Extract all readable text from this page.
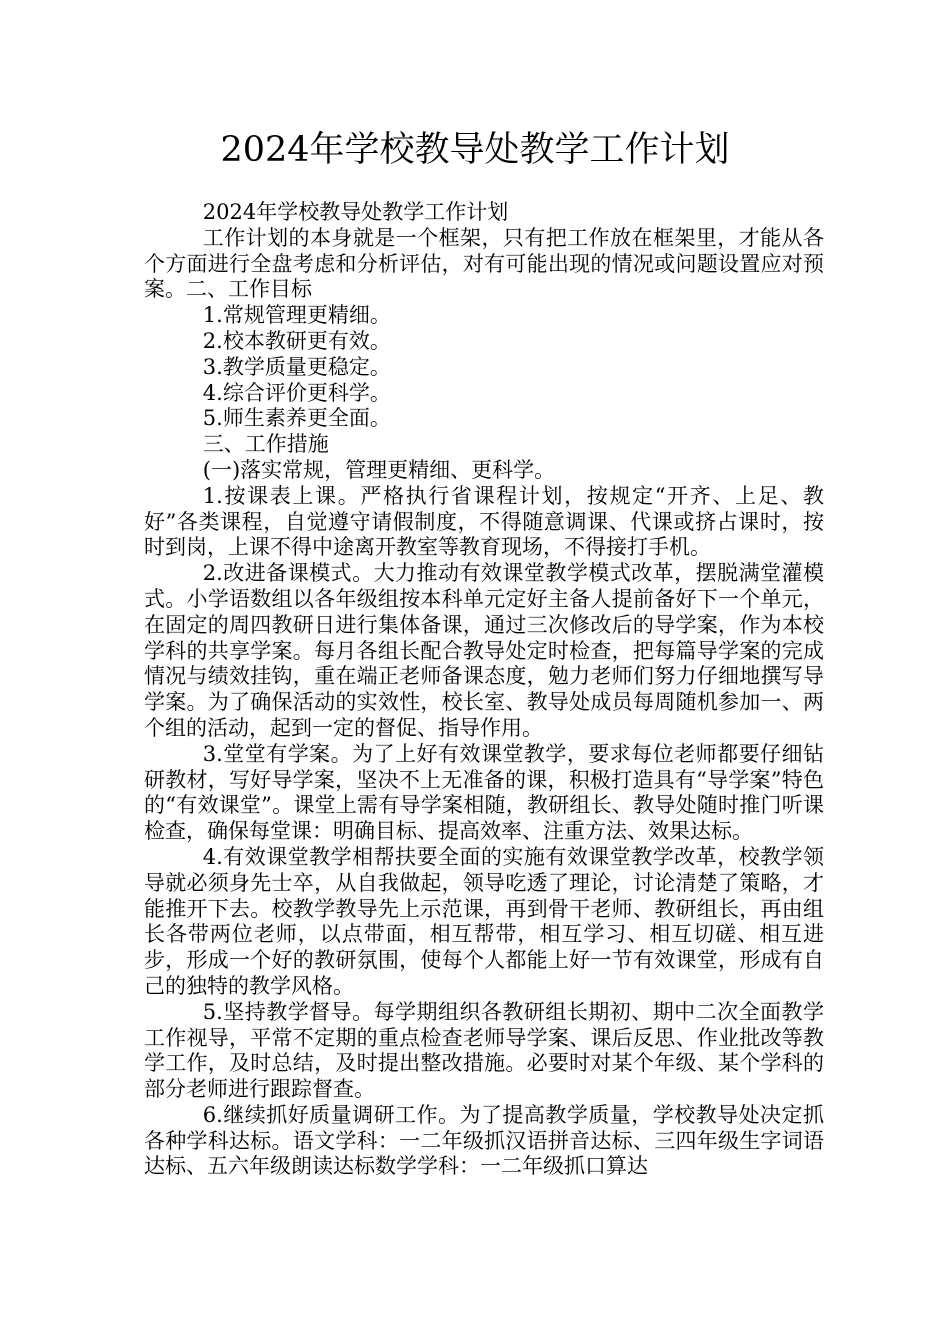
2024年学校教导处教学工作计划

2024年学校教导处教学工作计划

工作计划的本身就是一个框架，只有把工作放在框架里，才能从各个方面进行全盘考虑和分析评估，对有可能出现的情况或问题设置应对预案。二、工作目标

1.常规管理更精细。

2.校本教研更有效。

3.教学质量更稳定。

4.综合评价更科学。

5.师生素养更全面。

三、工作措施

(一)落实常规，管理更精细、更科学。

1.按课表上课。严格执行省课程计划，按规定“开齐、上足、教好”各类课程，自觉遵守请假制度，不得随意调课、代课或挤占课时，按时到岗，上课不得中途离开教室等教育现场，不得接打手机。

2.改进备课模式。大力推动有效课堂教学模式改革，摆脱满堂灌模式。小学语数组以各年级组按本科单元定好主备人提前备好下一个单元，在固定的周四教研日进行集体备课，通过三次修改后的导学案，作为本校学科的共享学案。每月各组长配合教导处定时检查，把每篇导学案的完成情况与绩效挂钩，重在端正老师备课态度，勉力老师们努力仔细地撰写导学案。为了确保活动的实效性，校长室、教导处成员每周随机参加一、两个组的活动，起到一定的督促、指导作用。

3.堂堂有学案。为了上好有效课堂教学，要求每位老师都要仔细钻研教材，写好导学案，坚决不上无准备的课，积极打造具有“导学案”特色的“有效课堂”。课堂上需有导学案相随，教研组长、教导处随时推门听课检查，确保每堂课：明确目标、提高效率、注重方法、效果达标。

4.有效课堂教学相帮扶要全面的实施有效课堂教学改革，校教学领导就必须身先士卒，从自我做起，领导吃透了理论，讨论清楚了策略，才能推开下去。校教学教导先上示范课，再到骨干老师、教研组长，再由组长各带两位老师，以点带面，相互帮带，相互学习、相互切磋、相互进步，形成一个好的教研氛围，使每个人都能上好一节有效课堂，形成有自己的独特的教学风格。

5.坚持教学督导。每学期组织各教研组长期初、期中二次全面教学工作视导，平常不定期的重点检查老师导学案、课后反思、作业批改等教学工作，及时总结，及时提出整改措施。必要时对某个年级、某个学科的部分老师进行跟踪督查。

6.继续抓好质量调研工作。为了提高教学质量，学校教导处决定抓各种学科达标。语文学科：一二年级抓汉语拼音达标、三四年级生字词语达标、五六年级朗读达标数学学科：一二年级抓口算达
